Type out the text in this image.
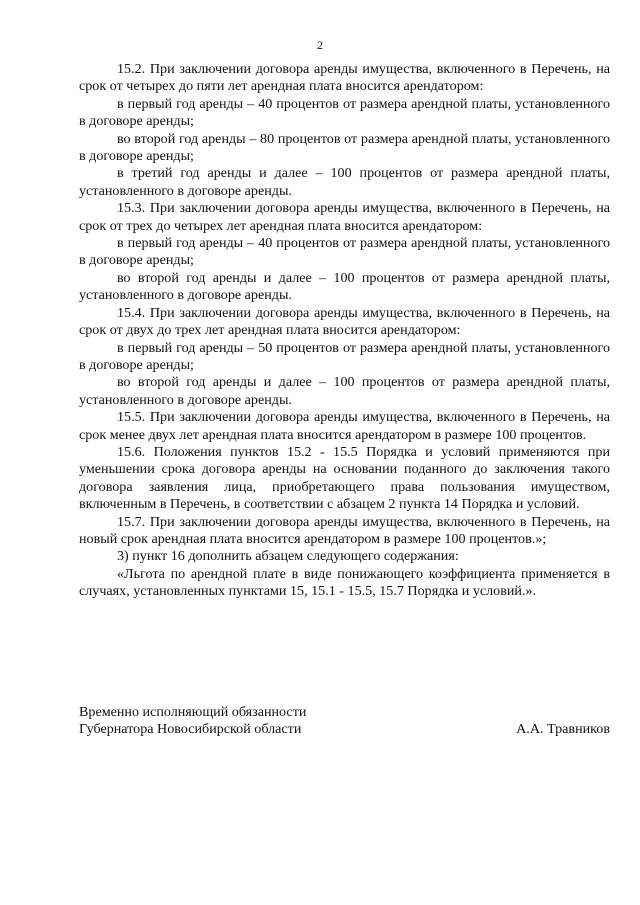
2

15.2. При заключении договора аренды имущества, включенного в Перечень, на срок от четырех до пяти лет арендная плата вносится арендатором:

в первый год аренды – 40 процентов от размера арендной платы, установленного в договоре аренды;

во второй год аренды – 80 процентов от размера арендной платы, установленного в договоре аренды;

в третий год аренды и далее – 100 процентов от размера арендной платы, установленного в договоре аренды.

15.3. При заключении договора аренды имущества, включенного в Перечень, на срок от трех до четырех лет арендная плата вносится арендатором:

в первый год аренды – 40 процентов от размера арендной платы, установленного в договоре аренды;

во второй год аренды и далее – 100 процентов от размера арендной платы, установленного в договоре аренды.

15.4. При заключении договора аренды имущества, включенного в Перечень, на срок от двух до трех лет арендная плата вносится арендатором:

в первый год аренды – 50 процентов от размера арендной платы, установленного в договоре аренды;

во второй год аренды и далее – 100 процентов от размера арендной платы, установленного в договоре аренды.

15.5. При заключении договора аренды имущества, включенного в Перечень, на срок менее двух лет арендная плата вносится арендатором в размере 100 процентов.

15.6. Положения пунктов 15.2 - 15.5 Порядка и условий применяются при уменьшении срока договора аренды на основании поданного до заключения такого договора заявления лица, приобретающего права пользования имуществом, включенным в Перечень, в соответствии с абзацем 2 пункта 14 Порядка и условий.

15.7. При заключении договора аренды имущества, включенного в Перечень, на новый срок арендная плата вносится арендатором в размере 100 процентов.»;

3) пункт 16 дополнить абзацем следующего содержания:

«Льгота по арендной плате в виде понижающего коэффициента применяется в случаях, установленных пунктами 15, 15.1 - 15.5, 15.7 Порядка и условий.».

Временно исполняющий обязанности
Губернатора Новосибирской области	А.А. Травников
